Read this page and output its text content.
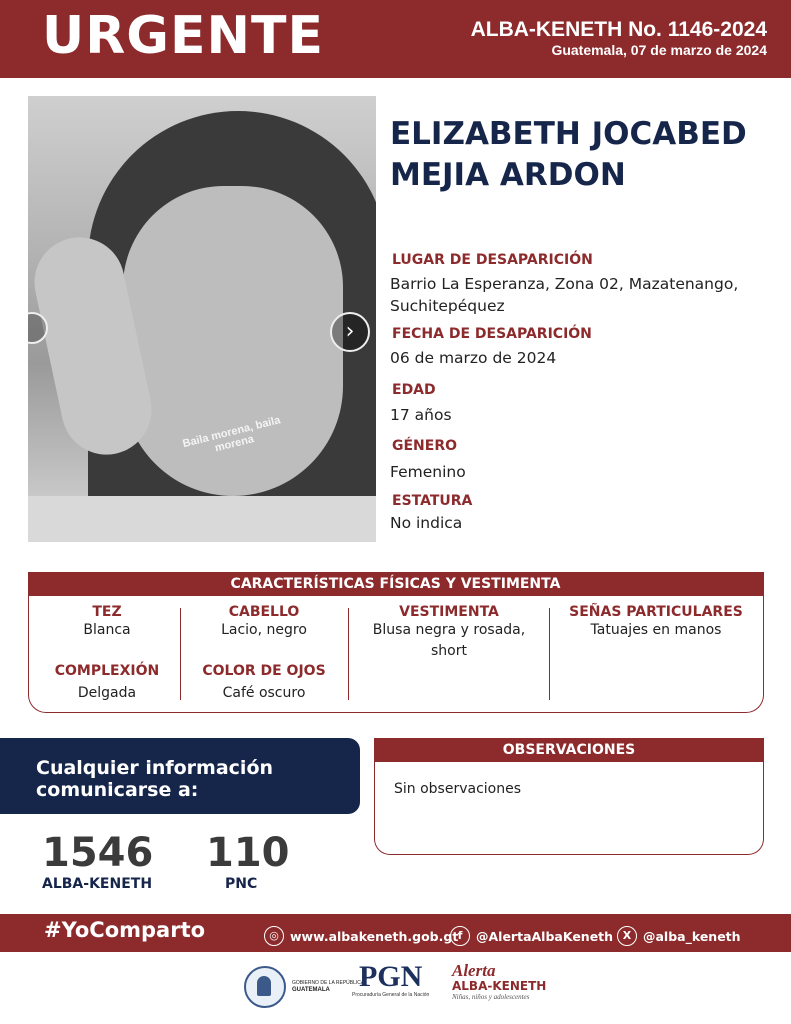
URGENTE	ALBA-KENETH No. 1146-2024
Guatemala, 07 de marzo de 2024
Baila morena, baila morena
›
ELIZABETH JOCABED
MEJIA ARDON
LUGAR DE DESAPARICIÓN
Barrio La Esperanza, Zona 02, Mazatenango, Suchitepéquez
FECHA DE DESAPARICIÓN
06 de marzo de 2024
EDAD
17 años
GÉNERO
Femenino
ESTATURA
No indica
CARACTERÍSTICAS FÍSICAS Y VESTIMENTA
TEZ
Blanca
COMPLEXIÓN
Delgada
CABELLO
Lacio, negro
COLOR DE OJOS
Café oscuro
VESTIMENTA
Blusa negra y rosada, short
SEÑAS PARTICULARES
Tatuajes en manos
Cualquier información
comunicarse a:
1546
ALBA-KENETH
110
PNC
OBSERVACIONES
Sin observaciones
#YoComparto	◎ www.albakeneth.gob.gt f	@AlertaAlbaKeneth X @alba_keneth
GOBIERNO DE LA REPÚBLICA
GUATEMALA PGN
Procuraduría General de la Nación
Alerta
ALBA-KENETH
Niñas, niños y adolescentes
